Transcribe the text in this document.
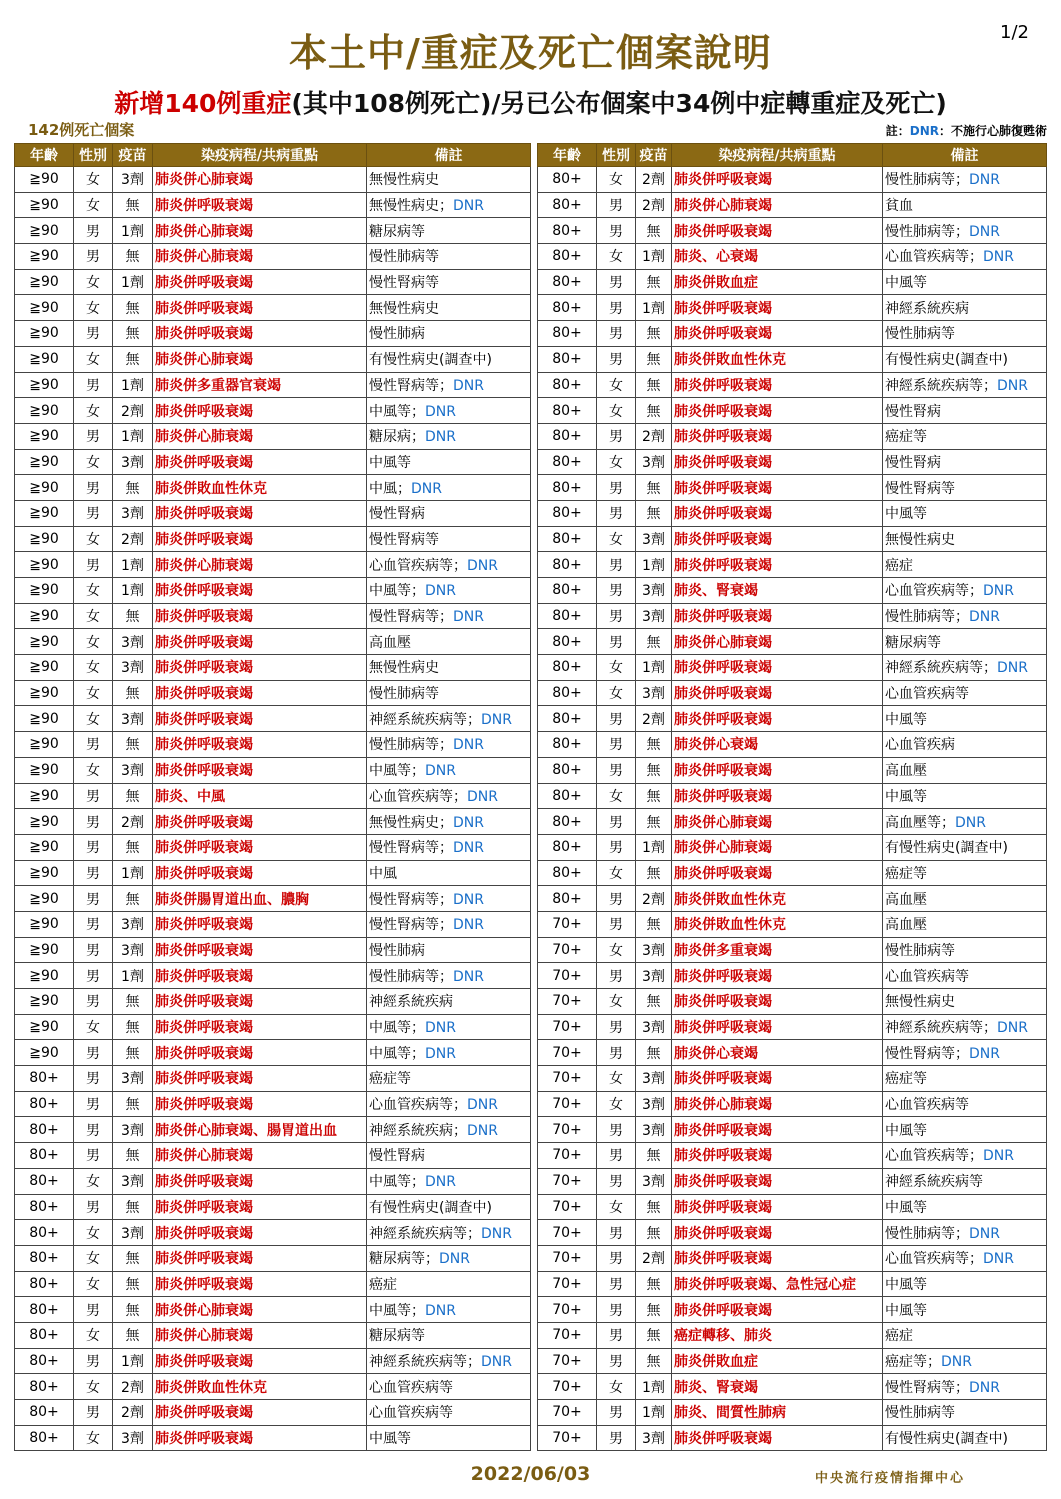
本土中/重症及死亡個案說明	1/2
新增140例重症(其中108例死亡)/另已公布個案中34例中症轉重症及死亡)
142例死亡個案	註：DNR：不施行心肺復甦術
年齡	性別	疫苗	染疫病程/共病重點	備註
≧90	女	3劑	肺炎併心肺衰竭	無慢性病史
≧90	女	無	肺炎併呼吸衰竭	無慢性病史；DNR
≧90	男	1劑	肺炎併心肺衰竭	糖尿病等
≧90	男	無	肺炎併心肺衰竭	慢性肺病等
≧90	女	1劑	肺炎併呼吸衰竭	慢性腎病等
≧90	女	無	肺炎併呼吸衰竭	無慢性病史
≧90	男	無	肺炎併呼吸衰竭	慢性肺病
≧90	女	無	肺炎併心肺衰竭	有慢性病史(調查中)
≧90	男	1劑	肺炎併多重器官衰竭	慢性腎病等；DNR
≧90	女	2劑	肺炎併呼吸衰竭	中風等；DNR
≧90	男	1劑	肺炎併心肺衰竭	糖尿病；DNR
≧90	女	3劑	肺炎併呼吸衰竭	中風等
≧90	男	無	肺炎併敗血性休克	中風；DNR
≧90	男	3劑	肺炎併呼吸衰竭	慢性腎病
≧90	女	2劑	肺炎併呼吸衰竭	慢性腎病等
≧90	男	1劑	肺炎併心肺衰竭	心血管疾病等；DNR
≧90	女	1劑	肺炎併呼吸衰竭	中風等；DNR
≧90	女	無	肺炎併呼吸衰竭	慢性腎病等；DNR
≧90	女	3劑	肺炎併呼吸衰竭	高血壓
≧90	女	3劑	肺炎併呼吸衰竭	無慢性病史
≧90	女	無	肺炎併呼吸衰竭	慢性肺病等
≧90	女	3劑	肺炎併呼吸衰竭	神經系統疾病等；DNR
≧90	男	無	肺炎併呼吸衰竭	慢性肺病等；DNR
≧90	女	3劑	肺炎併呼吸衰竭	中風等；DNR
≧90	男	無	肺炎、中風	心血管疾病等；DNR
≧90	男	2劑	肺炎併呼吸衰竭	無慢性病史；DNR
≧90	男	無	肺炎併呼吸衰竭	慢性腎病等；DNR
≧90	男	1劑	肺炎併呼吸衰竭	中風
≧90	男	無	肺炎併腸胃道出血、膿胸	慢性腎病等；DNR
≧90	男	3劑	肺炎併呼吸衰竭	慢性腎病等；DNR
≧90	男	3劑	肺炎併呼吸衰竭	慢性肺病
≧90	男	1劑	肺炎併呼吸衰竭	慢性肺病等；DNR
≧90	男	無	肺炎併呼吸衰竭	神經系統疾病
≧90	女	無	肺炎併呼吸衰竭	中風等；DNR
≧90	男	無	肺炎併呼吸衰竭	中風等；DNR
80+	男	3劑	肺炎併呼吸衰竭	癌症等
80+	男	無	肺炎併呼吸衰竭	心血管疾病等；DNR
80+	男	3劑	肺炎併心肺衰竭、腸胃道出血	神經系統疾病；DNR
80+	男	無	肺炎併心肺衰竭	慢性腎病
80+	女	3劑	肺炎併呼吸衰竭	中風等；DNR
80+	男	無	肺炎併呼吸衰竭	有慢性病史(調查中)
80+	女	3劑	肺炎併呼吸衰竭	神經系統疾病等；DNR
80+	女	無	肺炎併呼吸衰竭	糖尿病等；DNR
80+	女	無	肺炎併呼吸衰竭	癌症
80+	男	無	肺炎併心肺衰竭	中風等；DNR
80+	女	無	肺炎併心肺衰竭	糖尿病等
80+	男	1劑	肺炎併呼吸衰竭	神經系統疾病等；DNR
80+	女	2劑	肺炎併敗血性休克	心血管疾病等
80+	男	2劑	肺炎併呼吸衰竭	心血管疾病等
80+	女	3劑	肺炎併呼吸衰竭	中風等
年齡	性別	疫苗	染疫病程/共病重點	備註
80+	女	2劑	肺炎併呼吸衰竭	慢性肺病等；DNR
80+	男	2劑	肺炎併心肺衰竭	貧血
80+	男	無	肺炎併呼吸衰竭	慢性肺病等；DNR
80+	女	1劑	肺炎、心衰竭	心血管疾病等；DNR
80+	男	無	肺炎併敗血症	中風等
80+	男	1劑	肺炎併呼吸衰竭	神經系統疾病
80+	男	無	肺炎併呼吸衰竭	慢性肺病等
80+	男	無	肺炎併敗血性休克	有慢性病史(調查中)
80+	女	無	肺炎併呼吸衰竭	神經系統疾病等；DNR
80+	女	無	肺炎併呼吸衰竭	慢性腎病
80+	男	2劑	肺炎併呼吸衰竭	癌症等
80+	女	3劑	肺炎併呼吸衰竭	慢性腎病
80+	男	無	肺炎併呼吸衰竭	慢性腎病等
80+	男	無	肺炎併呼吸衰竭	中風等
80+	女	3劑	肺炎併呼吸衰竭	無慢性病史
80+	男	1劑	肺炎併呼吸衰竭	癌症
80+	男	3劑	肺炎、腎衰竭	心血管疾病等；DNR
80+	男	3劑	肺炎併呼吸衰竭	慢性肺病等；DNR
80+	男	無	肺炎併心肺衰竭	糖尿病等
80+	女	1劑	肺炎併呼吸衰竭	神經系統疾病等；DNR
80+	女	3劑	肺炎併呼吸衰竭	心血管疾病等
80+	男	2劑	肺炎併呼吸衰竭	中風等
80+	男	無	肺炎併心衰竭	心血管疾病
80+	男	無	肺炎併呼吸衰竭	高血壓
80+	女	無	肺炎併呼吸衰竭	中風等
80+	男	無	肺炎併心肺衰竭	高血壓等；DNR
80+	男	1劑	肺炎併心肺衰竭	有慢性病史(調查中)
80+	女	無	肺炎併呼吸衰竭	癌症等
80+	男	2劑	肺炎併敗血性休克	高血壓
70+	男	無	肺炎併敗血性休克	高血壓
70+	女	3劑	肺炎併多重衰竭	慢性肺病等
70+	男	3劑	肺炎併呼吸衰竭	心血管疾病等
70+	女	無	肺炎併呼吸衰竭	無慢性病史
70+	男	3劑	肺炎併呼吸衰竭	神經系統疾病等；DNR
70+	男	無	肺炎併心衰竭	慢性腎病等；DNR
70+	女	3劑	肺炎併呼吸衰竭	癌症等
70+	女	3劑	肺炎併心肺衰竭	心血管疾病等
70+	男	3劑	肺炎併呼吸衰竭	中風等
70+	男	無	肺炎併呼吸衰竭	心血管疾病等；DNR
70+	男	3劑	肺炎併呼吸衰竭	神經系統疾病等
70+	女	無	肺炎併呼吸衰竭	中風等
70+	男	無	肺炎併呼吸衰竭	慢性肺病等；DNR
70+	男	2劑	肺炎併呼吸衰竭	心血管疾病等；DNR
70+	男	無	肺炎併呼吸衰竭、急性冠心症	中風等
70+	男	無	肺炎併呼吸衰竭	中風等
70+	男	無	癌症轉移、肺炎	癌症
70+	男	無	肺炎併敗血症	癌症等；DNR
70+	女	1劑	肺炎、腎衰竭	慢性腎病等；DNR
70+	男	1劑	肺炎、間質性肺病	慢性肺病等
70+	男	3劑	肺炎併呼吸衰竭	有慢性病史(調查中)
2022/06/03	中央流行疫情指揮中心
